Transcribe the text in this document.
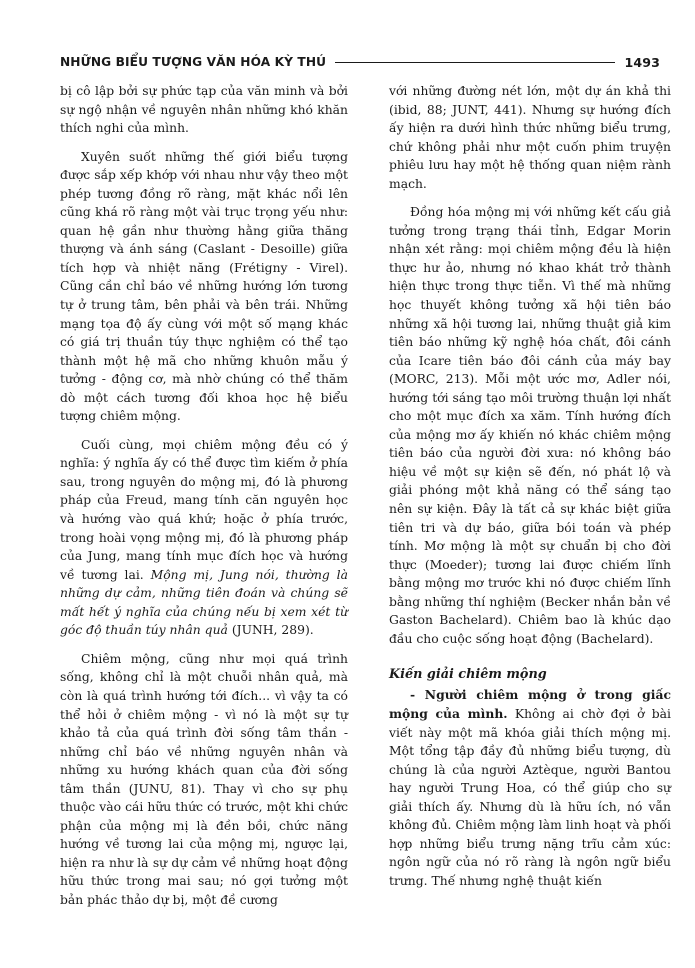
NHỮNG BIỂU TƯỢNG VĂN HÓA KỲ THÚ	1493

bị cô lập bởi sự phức tạp của văn minh và bởi sự ngộ nhận về nguyên nhân những khó khăn thích nghi của mình.

Xuyên suốt những thế giới biểu tượng được sắp xếp khớp với nhau như vậy theo một phép tương đồng rõ ràng, mặt khác nổi lên cũng khá rõ ràng một vài trục trọng yếu như: quan hệ gần như thường hằng giữa thăng thượng và ánh sáng (Caslant - Desoille) giữa tích hợp và nhiệt năng (Frétigny - Virel). Cũng cần chỉ báo về những hướng lớn tương tự ở trung tâm, bên phải và bên trái. Những mạng tọa độ ấy cùng với một số mạng khác có giá trị thuần túy thực nghiệm có thể tạo thành một hệ mã cho những khuôn mẫu ý tưởng - động cơ, mà nhờ chúng có thể thăm dò một cách tương đối khoa học hệ biểu tượng chiêm mộng.

Cuối cùng, mọi chiêm mộng đều có ý nghĩa: ý nghĩa ấy có thể được tìm kiếm ở phía sau, trong nguyên do mộng mị, đó là phương pháp của Freud, mang tính căn nguyên học và hướng vào quá khứ; hoặc ở phía trước, trong hoài vọng mộng mị, đó là phương pháp của Jung, mang tính mục đích học và hướng về tương lai. Mộng mị, Jung nói, thường là những dự cảm, những tiên đoán và chúng sẽ mất hết ý nghĩa của chúng nếu bị xem xét từ góc độ thuần túy nhân quả (JUNH, 289).

Chiêm mộng, cũng như mọi quá trình sống, không chỉ là một chuỗi nhân quả, mà còn là quá trình hướng tới đích... vì vậy ta có thể hỏi ở chiêm mộng - vì nó là một sự tự khảo tả của quá trình đời sống tâm thần - những chỉ báo về những nguyên nhân và những xu hướng khách quan của đời sống tâm thần (JUNU, 81). Thay vì cho sự phụ thuộc vào cái hữu thức có trước, một khi chức phận của mộng mị là đền bồi, chức năng hướng về tương lai của mộng mị, ngược lại, hiện ra như là sự dự cảm về những hoạt động hữu thức trong mai sau; nó gợi tưởng một bản phác thảo dự bị, một đề cương

với những đường nét lớn, một dự án khả thi (ibid, 88; JUNT, 441). Nhưng sự hướng đích ấy hiện ra dưới hình thức những biểu trưng, chứ không phải như một cuốn phim truyện phiêu lưu hay một hệ thống quan niệm rành mạch.

Đồng hóa mộng mị với những kết cấu giả tưởng trong trạng thái tỉnh, Edgar Morin nhận xét rằng: mọi chiêm mộng đều là hiện thực hư ảo, nhưng nó khao khát trở thành hiện thực trong thực tiễn. Vì thế mà những học thuyết không tưởng xã hội tiên báo những xã hội tương lai, những thuật giả kim tiên báo những kỹ nghệ hóa chất, đôi cánh của Icare tiên báo đôi cánh của máy bay (MORC, 213). Mỗi một ước mơ, Adler nói, hướng tới sáng tạo môi trường thuận lợi nhất cho một mục đích xa xăm. Tính hướng đích của mộng mơ ấy khiến nó khác chiêm mộng tiên báo của người đời xưa: nó không báo hiệu về một sự kiện sẽ đến, nó phát lộ và giải phóng một khả năng có thể sáng tạo nên sự kiện. Đây là tất cả sự khác biệt giữa tiên tri và dự báo, giữa bói toán và phép tính. Mơ mộng là một sự chuẩn bị cho đời thực (Moeder); tương lai được chiếm lĩnh bằng mộng mơ trước khi nó được chiếm lĩnh bằng những thí nghiệm (Becker nhắn bản về Gaston Bachelard). Chiêm bao là khúc dạo đầu cho cuộc sống hoạt động (Bachelard).

Kiến giải chiêm mộng

- Người chiêm mộng ở trong giấc mộng của mình. Không ai chờ đợi ở bài viết này một mã khóa giải thích mộng mị. Một tổng tập đầy đủ những biểu tượng, dù chúng là của người Aztèque, người Bantou hay người Trung Hoa, có thể giúp cho sự giải thích ấy. Nhưng dù là hữu ích, nó vẫn không đủ. Chiêm mộng làm linh hoạt và phối hợp những biểu trưng nặng trĩu cảm xúc: ngôn ngữ của nó rõ ràng là ngôn ngữ biểu trưng. Thế nhưng nghệ thuật kiến
